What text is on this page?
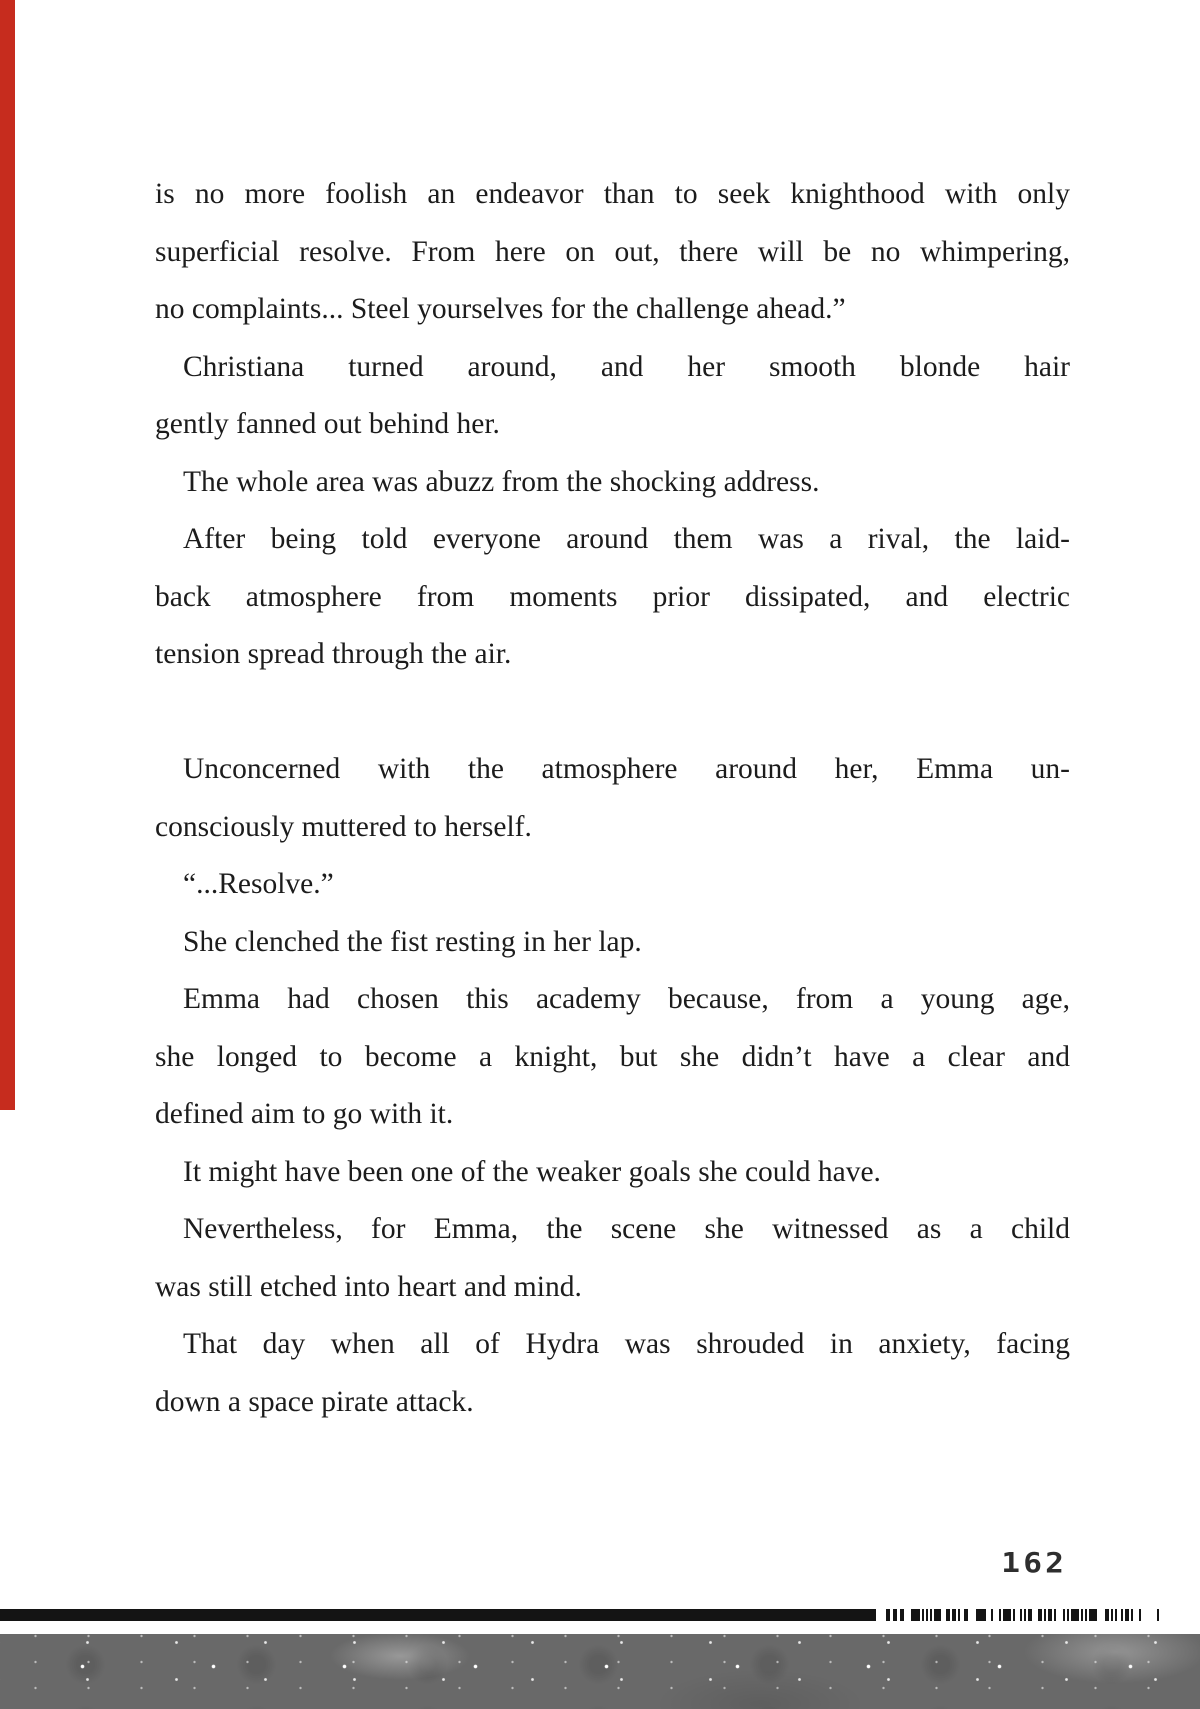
is no more foolish an endeavor than to seek knighthood with only
superficial resolve. From here on out, there will be no whimpering,
no complaints... Steel yourselves for the challenge ahead.”
Christiana turned around, and her smooth blonde hair
gently fanned out behind her.
The whole area was abuzz from the shocking address.
After being told everyone around them was a rival, the laid-
back atmosphere from moments prior dissipated, and electric
tension spread through the air.
Unconcerned with the atmosphere around her, Emma un-
consciously muttered to herself.
“...Resolve.”
She clenched the fist resting in her lap.
Emma had chosen this academy because, from a young age,
she longed to become a knight, but she didn’t have a clear and
defined aim to go with it.
It might have been one of the weaker goals she could have.
Nevertheless, for Emma, the scene she witnessed as a child
was still etched into heart and mind.
That day when all of Hydra was shrouded in anxiety, facing
down a space pirate attack.
162
